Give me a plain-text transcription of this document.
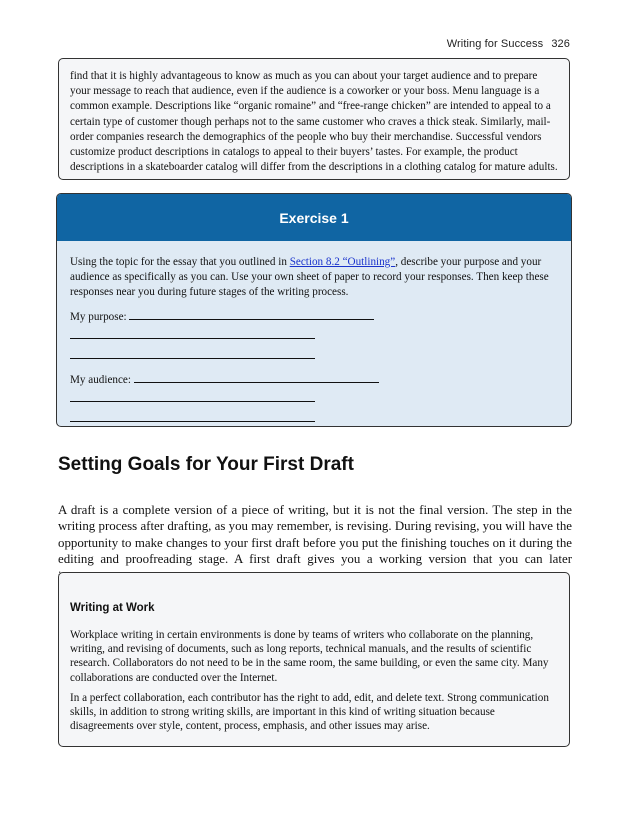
Writing for Success 326

find that it is highly advantageous to know as much as you can about your target audience and to prepare your message to reach that audience, even if the audience is a coworker or your boss. Menu language is a common example. Descriptions like “organic romaine” and “free-range chicken” are intended to appeal to a certain type of customer though perhaps not to the same customer who craves a thick steak. Similarly, mail-order companies research the demographics of the people who buy their merchandise. Successful vendors customize product descriptions in catalogs to appeal to their buyers’ tastes. For example, the product descriptions in a skateboarder catalog will differ from the descriptions in a clothing catalog for mature adults.

Exercise 1

Using the topic for the essay that you outlined in Section 8.2 “Outlining”, describe your purpose and your audience as specifically as you can. Use your own sheet of paper to record your responses. Then keep these responses near you during future stages of the writing process.

My purpose:
My audience:
Setting Goals for Your First Draft

A draft is a complete version of a piece of writing, but it is not the final version. The step in the writing process after drafting, as you may remember, is revising. During revising, you will have the opportunity to make changes to your first draft before you put the finishing touches on it during the editing and proofreading stage. A first draft gives you a working version that you can later

Writing at Work

Workplace writing in certain environments is done by teams of writers who collaborate on the planning, writing, and revising of documents, such as long reports, technical manuals, and the results of scientific research. Collaborators do not need to be in the same room, the same building, or even the same city. Many collaborations are conducted over the Internet.

In a perfect collaboration, each contributor has the right to add, edit, and delete text. Strong communication skills, in addition to strong writing skills, are important in this kind of writing situation because disagreements over style, content, process, emphasis, and other issues may arise.
